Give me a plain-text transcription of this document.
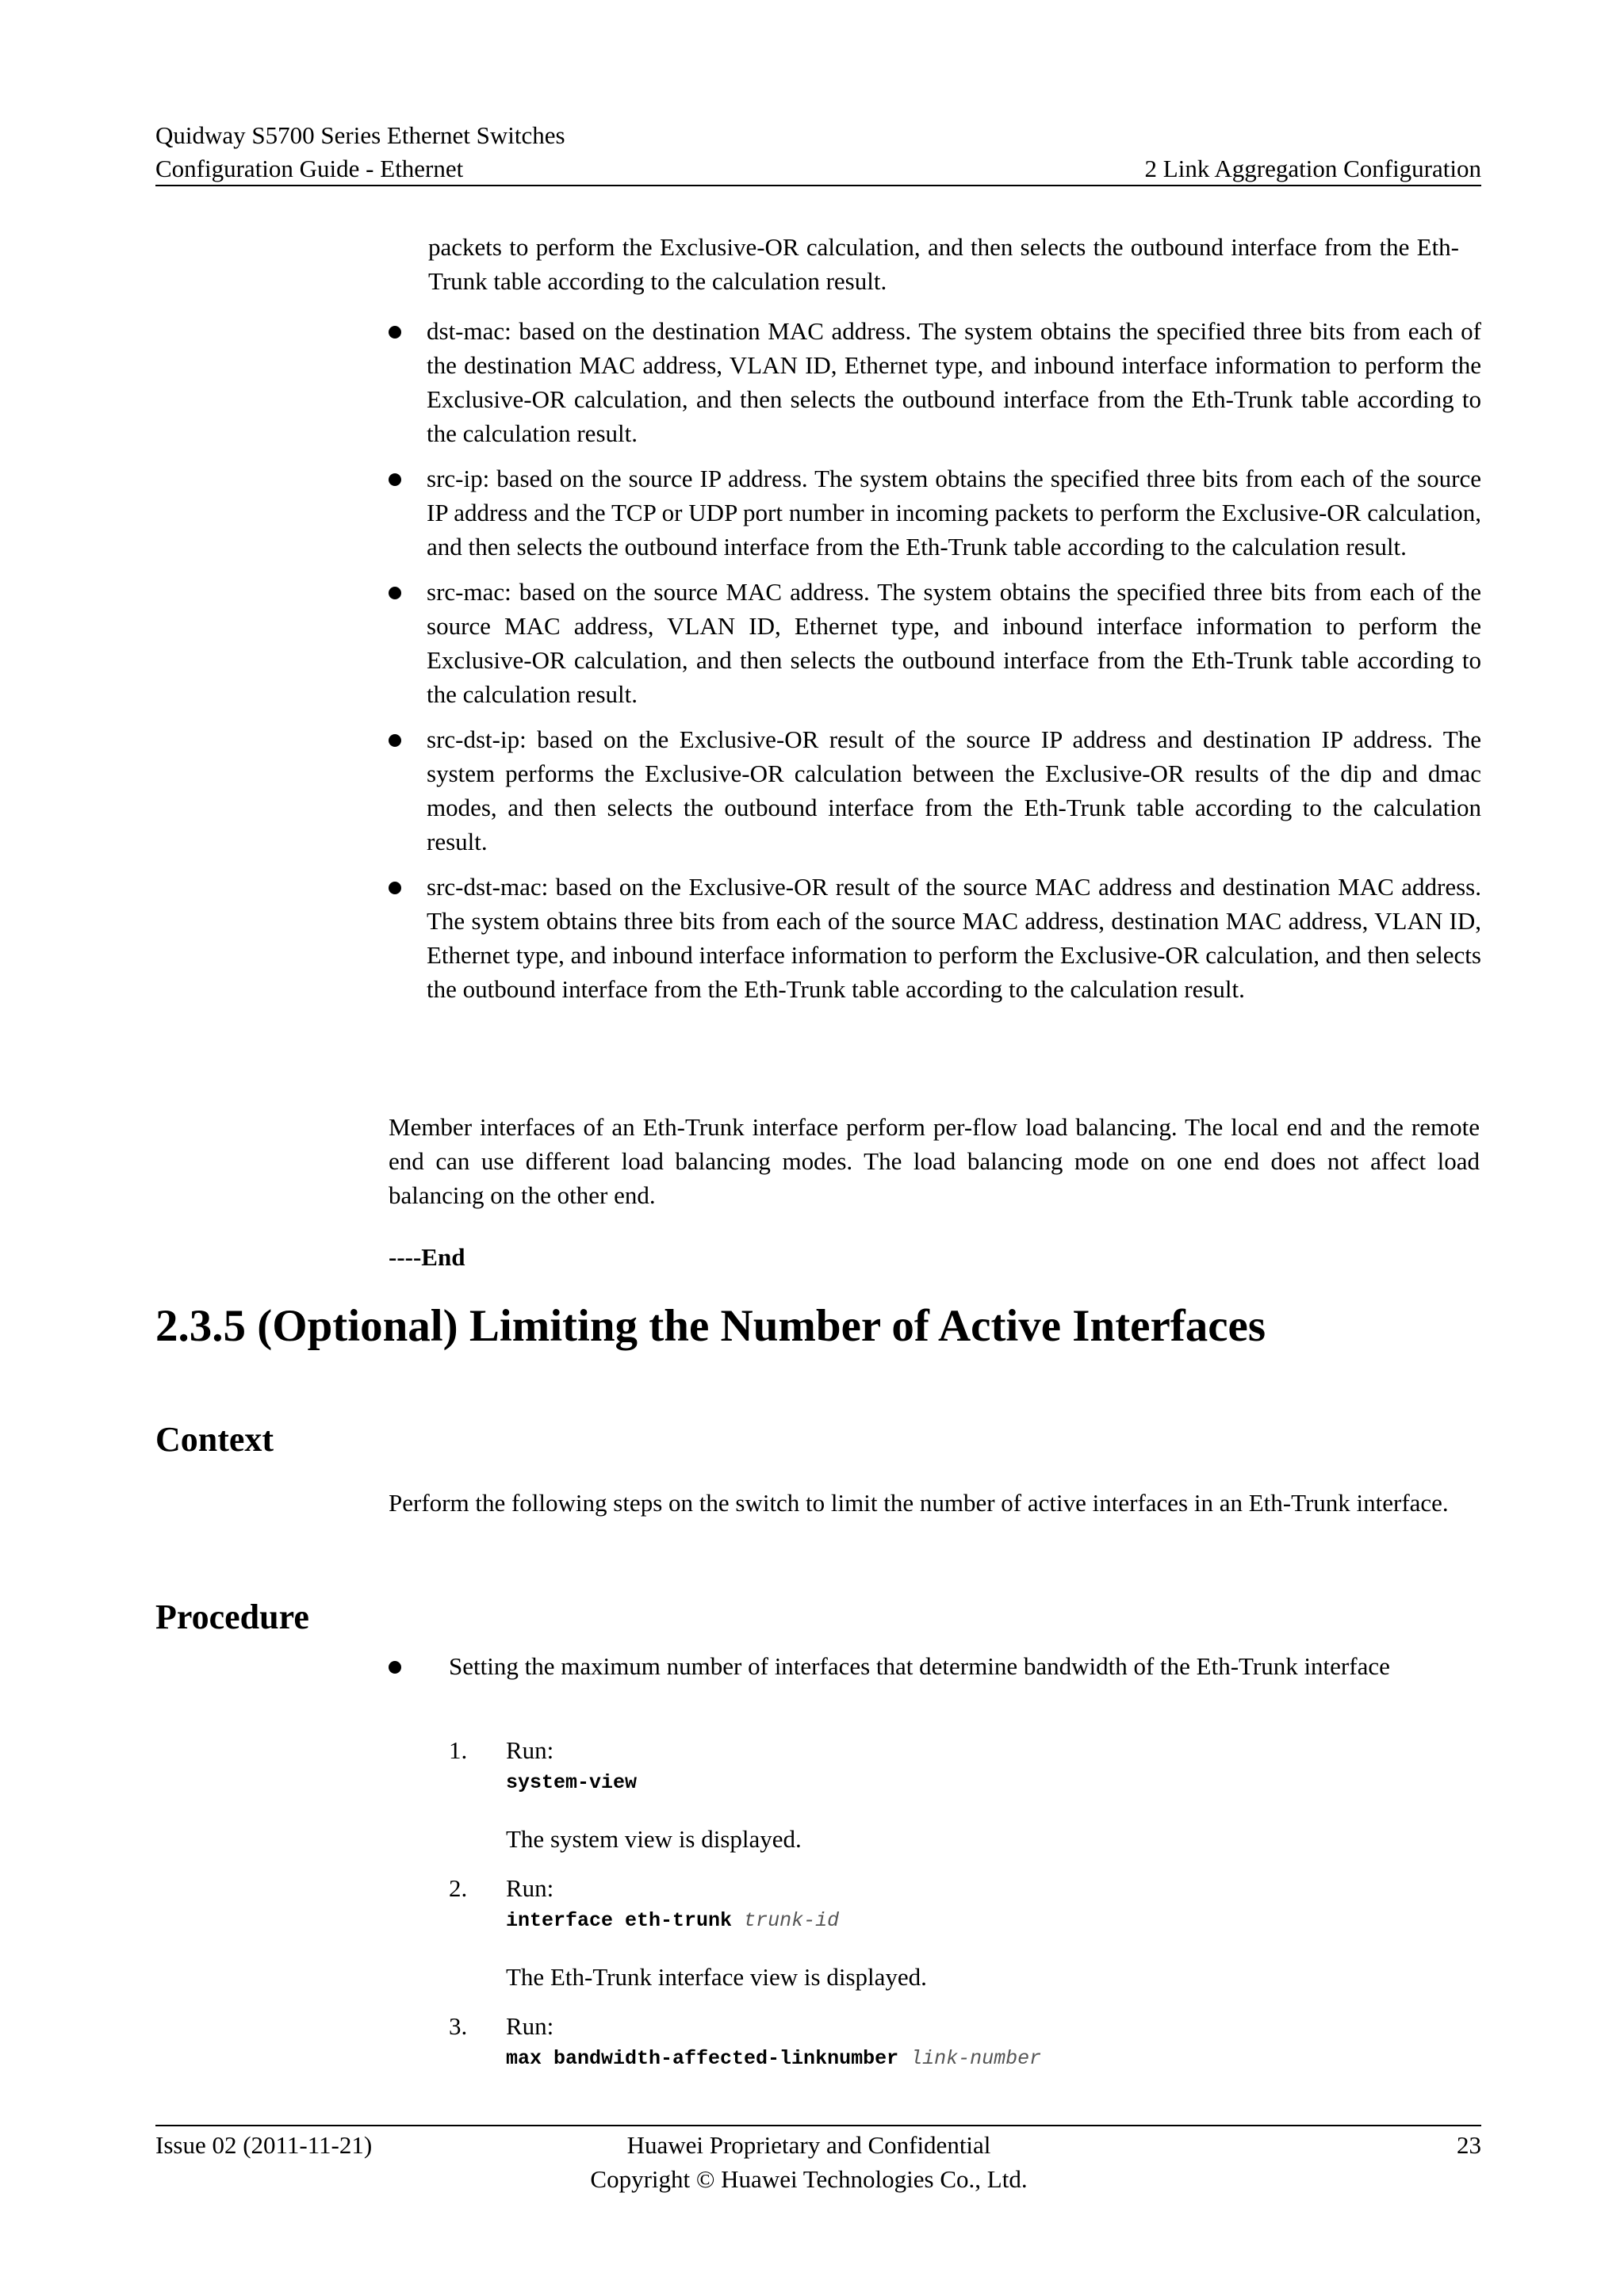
Quidway S5700 Series Ethernet Switches
Configuration Guide - Ethernet	2 Link Aggregation Configuration
packets to perform the Exclusive-OR calculation, and then selects the outbound interface from the Eth-Trunk table according to the calculation result.
dst-mac: based on the destination MAC address. The system obtains the specified three bits from each of the destination MAC address, VLAN ID, Ethernet type, and inbound interface information to perform the Exclusive-OR calculation, and then selects the outbound interface from the Eth-Trunk table according to the calculation result.
src-ip: based on the source IP address. The system obtains the specified three bits from each of the source IP address and the TCP or UDP port number in incoming packets to perform the Exclusive-OR calculation, and then selects the outbound interface from the Eth-Trunk table according to the calculation result.
src-mac: based on the source MAC address. The system obtains the specified three bits from each of the source MAC address, VLAN ID, Ethernet type, and inbound interface information to perform the Exclusive-OR calculation, and then selects the outbound interface from the Eth-Trunk table according to the calculation result.
src-dst-ip: based on the Exclusive-OR result of the source IP address and destination IP address. The system performs the Exclusive-OR calculation between the Exclusive-OR results of the dip and dmac modes, and then selects the outbound interface from the Eth-Trunk table according to the calculation result.
src-dst-mac: based on the Exclusive-OR result of the source MAC address and destination MAC address. The system obtains three bits from each of the source MAC address, destination MAC address, VLAN ID, Ethernet type, and inbound interface information to perform the Exclusive-OR calculation, and then selects the outbound interface from the Eth-Trunk table according to the calculation result.
Member interfaces of an Eth-Trunk interface perform per-flow load balancing. The local end and the remote end can use different load balancing modes. The load balancing mode on one end does not affect load balancing on the other end.
----End
2.3.5 (Optional) Limiting the Number of Active Interfaces
Context
Perform the following steps on the switch to limit the number of active interfaces in an Eth-Trunk interface.
Procedure
Setting the maximum number of interfaces that determine bandwidth of the Eth-Trunk interface
1. Run:
system-view
The system view is displayed.
2. Run:
interface eth-trunk trunk-id
The Eth-Trunk interface view is displayed.
3. Run:
max bandwidth-affected-linknumber link-number
Issue 02 (2011-11-21)	Huawei Proprietary and Confidential
Copyright © Huawei Technologies Co., Ltd.
23
